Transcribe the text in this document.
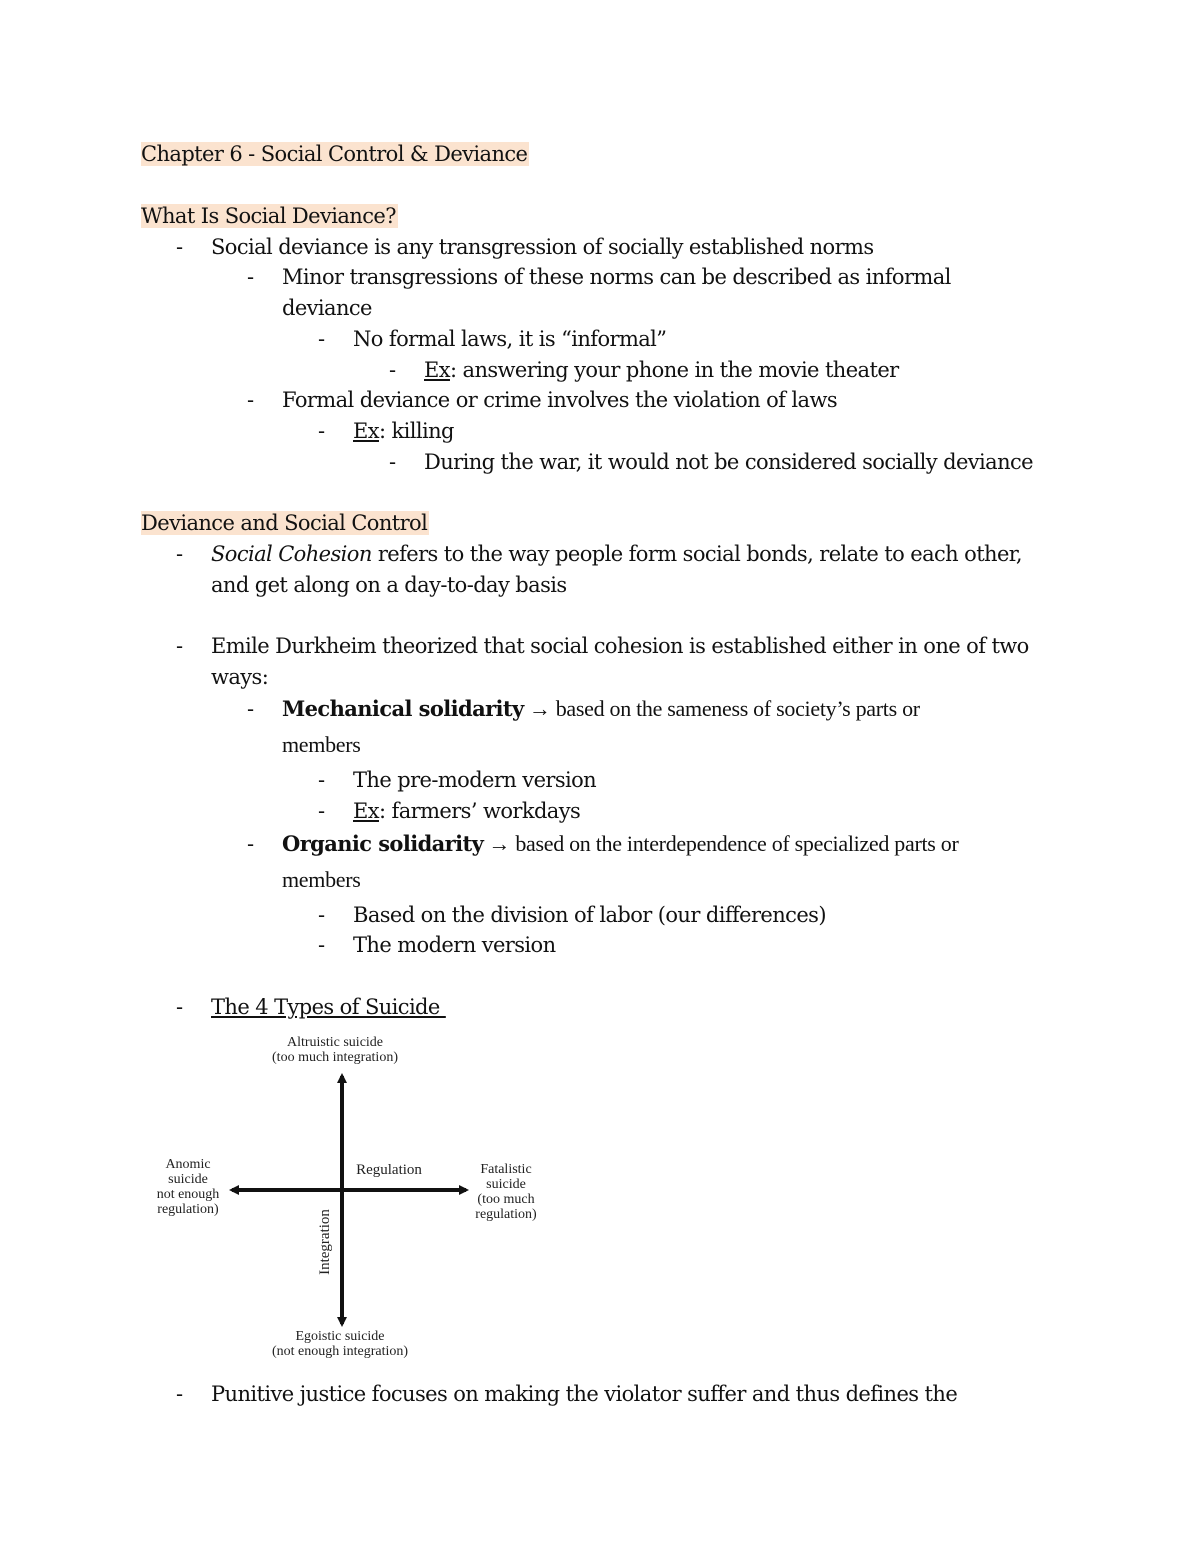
Chapter 6 - Social Control & Deviance
What Is Social Deviance?
- Social deviance is any transgression of socially established norms
- Minor transgressions of these norms can be described as informal
deviance
- No formal laws, it is “informal”
- Ex: answering your phone in the movie theater
- Formal deviance or crime involves the violation of laws
- Ex: killing
- During the war, it would not be considered socially deviance
Deviance and Social Control
- Social Cohesion refers to the way people form social bonds, relate to each other,
and get along on a day-to-day basis
- Emile Durkheim theorized that social cohesion is established either in one of two
ways:
- Mechanical solidarity → based on the sameness of society’s parts or
members
- The pre-modern version
- Ex: farmers’ workdays
- Organic solidarity → based on the interdependence of specialized parts or
members
- Based on the division of labor (our differences)
- The modern version
- The 4 Types of Suicide
Altruistic suicide
(too much integration)
Anomic
suicide
not enough
regulation)
Fatalistic
suicide
(too much
regulation)
Regulation
Integration
Egoistic suicide
(not enough integration)
- Punitive justice focuses on making the violator suffer and thus defines the
